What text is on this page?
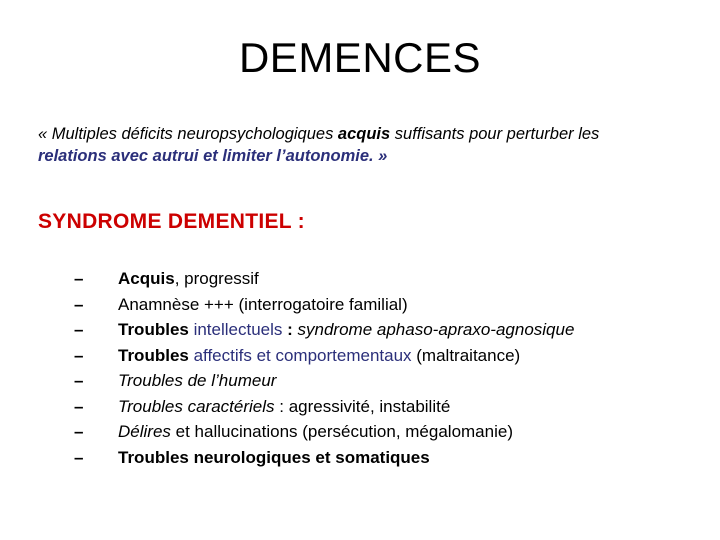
DEMENCES

« Multiples déficits neuropsychologiques acquis suffisants pour perturber les
relations avec autrui et limiter l’autonomie. »

SYNDROME DEMENTIEL :
– Acquis, progressif
– Anamnèse +++ (interrogatoire familial)
– Troubles intellectuels : syndrome aphaso-apraxo-agnosique
– Troubles affectifs et comportementaux (maltraitance)
– Troubles de l’humeur
– Troubles caractériels : agressivité, instabilité
– Délires et hallucinations (persécution, mégalomanie)
– Troubles neurologiques et somatiques
